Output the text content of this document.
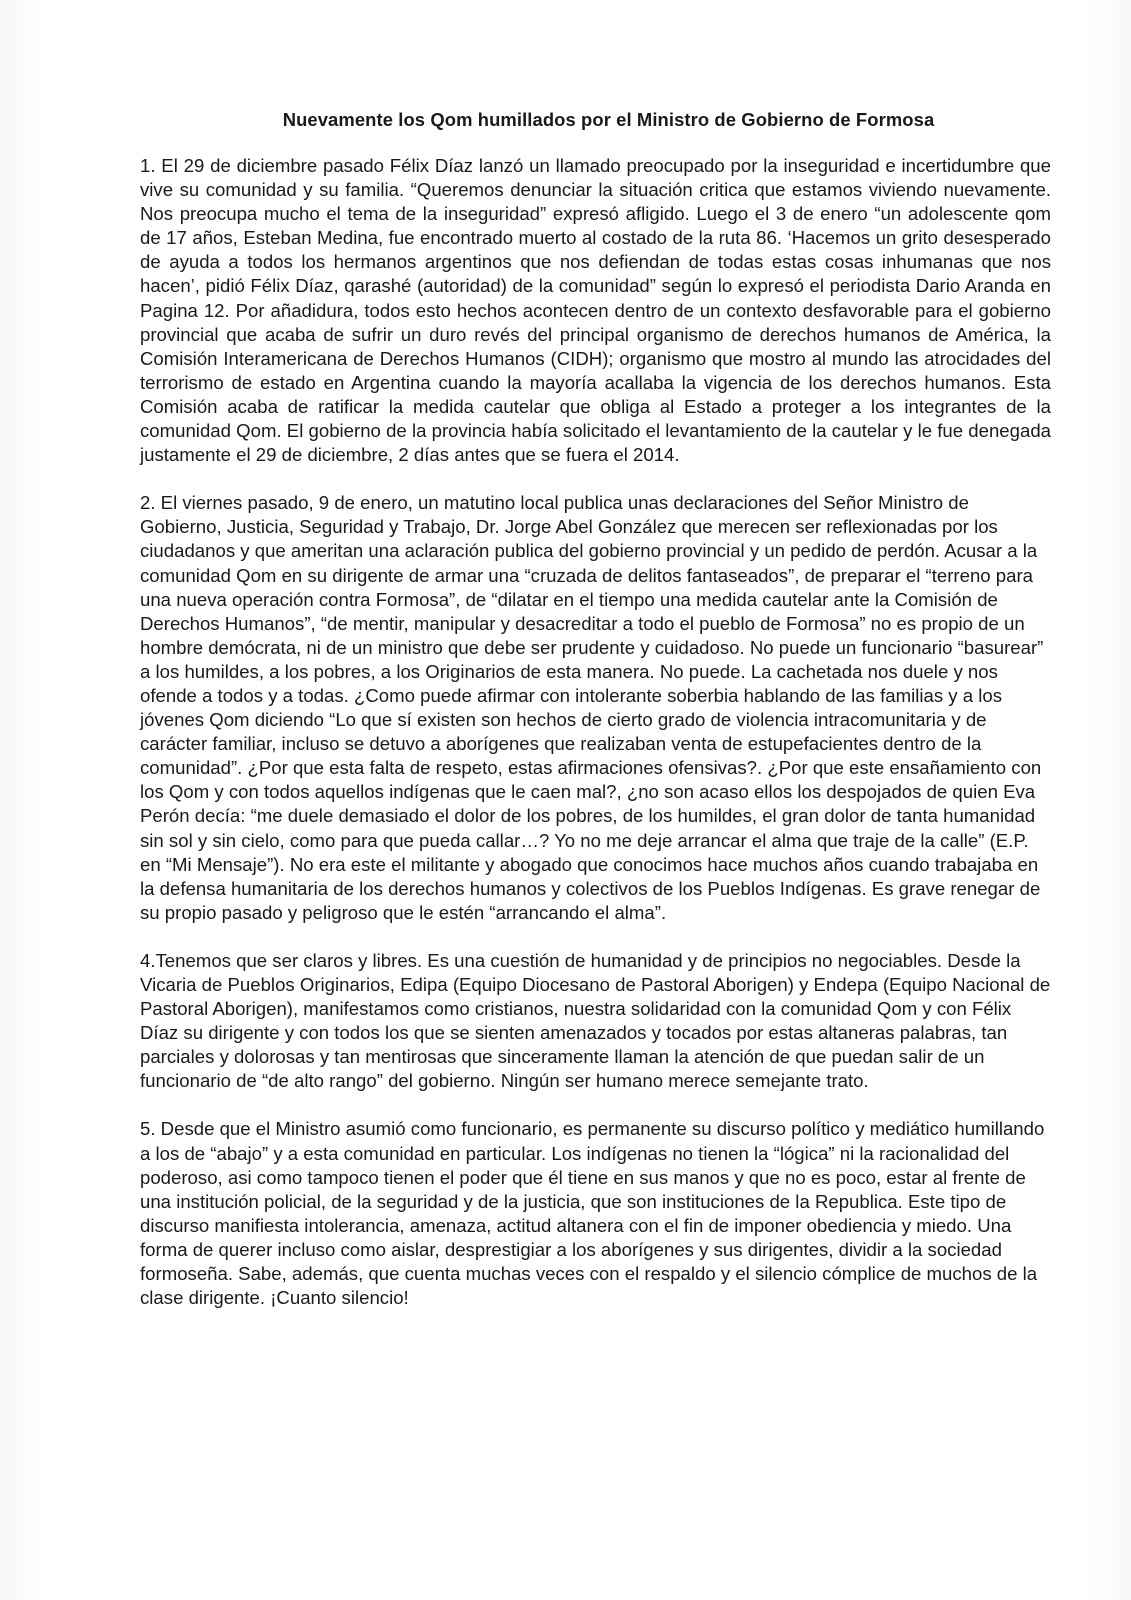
Nuevamente los Qom humillados por el Ministro de Gobierno de Formosa

1. El 29 de diciembre pasado Félix Díaz lanzó un llamado preocupado por la inseguridad e incertidumbre que vive su comunidad y su familia. “Queremos denunciar la situación critica que estamos viviendo nuevamente. Nos preocupa mucho el tema de la inseguridad” expresó afligido. Luego el 3 de enero “un adolescente qom de 17 años, Esteban Medina, fue encontrado muerto al costado de la ruta 86. ‘Hacemos un grito desesperado de ayuda a todos los hermanos argentinos que nos defiendan de todas estas cosas inhumanas que nos hacen’, pidió Félix Díaz, qarashé (autoridad) de la comunidad” según lo expresó el periodista Dario Aranda en Pagina 12. Por añadidura, todos esto hechos acontecen dentro de un contexto desfavorable para el gobierno provincial que acaba de sufrir un duro revés del principal organismo de derechos humanos de América, la Comisión Interamericana de Derechos Humanos (CIDH); organismo que mostro al mundo las atrocidades del terrorismo de estado en Argentina cuando la mayoría acallaba la vigencia de los derechos humanos. Esta Comisión acaba de ratificar la medida cautelar que obliga al Estado a proteger a los integrantes de la comunidad Qom. El gobierno de la provincia había solicitado el levantamiento de la cautelar y le fue denegada justamente el 29 de diciembre, 2 días antes que se fuera el 2014.

2. El viernes pasado, 9 de enero, un matutino local publica unas declaraciones del Señor Ministro de Gobierno, Justicia, Seguridad y Trabajo, Dr. Jorge Abel González que merecen ser reflexionadas por los ciudadanos y que ameritan una aclaración publica del gobierno provincial y un pedido de perdón. Acusar a la comunidad Qom en su dirigente de armar una “cruzada de delitos fantaseados”, de preparar el “terreno para una nueva operación contra Formosa”, de “dilatar en el tiempo una medida cautelar ante la Comisión de Derechos Humanos”, “de mentir, manipular y desacreditar a todo el pueblo de Formosa” no es propio de un hombre demócrata, ni de un ministro que debe ser prudente y cuidadoso. No puede un funcionario “basurear” a los humildes, a los pobres, a los Originarios de esta manera. No puede. La cachetada nos duele y nos ofende a todos y a todas. ¿Como puede afirmar con intolerante soberbia hablando de las familias y a los jóvenes Qom diciendo “Lo que sí existen son hechos de cierto grado de violencia intracomunitaria y de carácter familiar, incluso se detuvo a aborígenes que realizaban venta de estupefacientes dentro de la comunidad”. ¿Por que esta falta de respeto, estas afirmaciones ofensivas?. ¿Por que este ensañamiento con los Qom y con todos aquellos indígenas que le caen mal?, ¿no son acaso ellos los despojados de quien Eva Perón decía: “me duele demasiado el dolor de los pobres, de los humildes, el gran dolor de tanta humanidad sin sol y sin cielo, como para que pueda callar…? Yo no me deje arrancar el alma que traje de la calle” (E.P. en “Mi Mensaje”). No era este el militante y abogado que conocimos hace muchos años cuando trabajaba en la defensa humanitaria de los derechos humanos y colectivos de los Pueblos Indígenas. Es grave renegar de su propio pasado y peligroso que le estén “arrancando el alma”.

4.Tenemos que ser claros y libres. Es una cuestión de humanidad y de principios no negociables. Desde la Vicaria de Pueblos Originarios, Edipa (Equipo Diocesano de Pastoral Aborigen) y Endepa (Equipo Nacional de Pastoral Aborigen), manifestamos como cristianos, nuestra solidaridad con la comunidad Qom y con Félix Díaz su dirigente y con todos los que se sienten amenazados y tocados por estas altaneras palabras, tan parciales y dolorosas y tan mentirosas que sinceramente llaman la atención de que puedan salir de un funcionario de “de alto rango” del gobierno. Ningún ser humano merece semejante trato.

5. Desde que el Ministro asumió como funcionario, es permanente su discurso político y mediático humillando a los de “abajo” y a esta comunidad en particular. Los indígenas no tienen la “lógica” ni la racionalidad del poderoso, asi como tampoco tienen el poder que él tiene en sus manos y que no es poco, estar al frente de una institución policial, de la seguridad y de la justicia, que son instituciones de la Republica. Este tipo de discurso manifiesta intolerancia, amenaza, actitud altanera con el fin de imponer obediencia y miedo. Una forma de querer incluso como aislar, desprestigiar a los aborígenes y sus dirigentes, dividir a la sociedad formoseña. Sabe, además, que cuenta muchas veces con el respaldo y el silencio cómplice de muchos de la clase dirigente. ¡Cuanto silencio!
